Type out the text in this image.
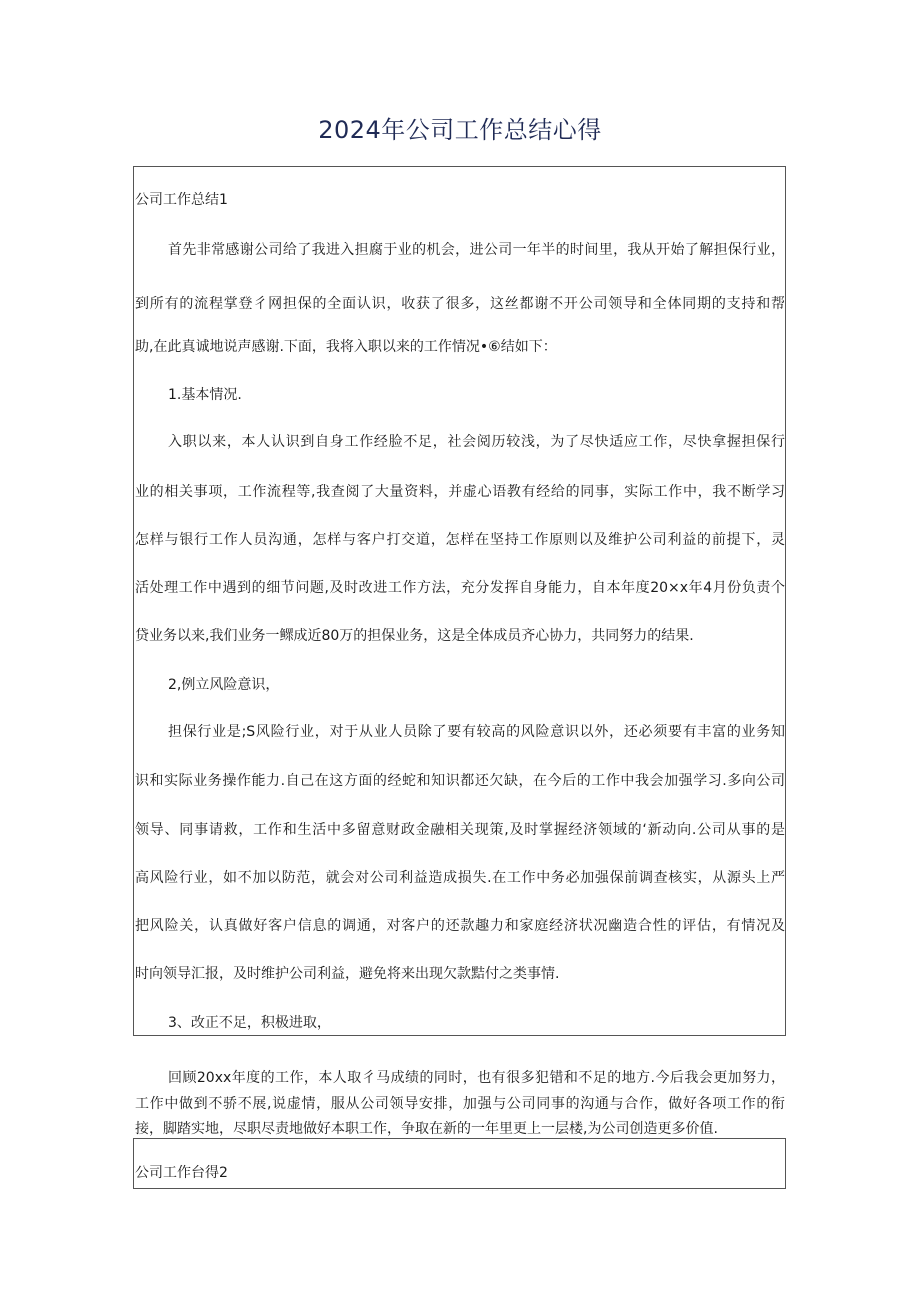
2024年公司工作总结心得
公司工作总结1
首先非常感谢公司给了我进入担腐于业的机会，进公司一年半的时间里，我从开始了解担保行业，
到所有的流程掌登彳网担保的全面认识，收获了很多，这丝都谢不开公司领导和全体同期的支持和帮
助,在此真诚地说声感谢.下面，我将入职以来的工作情况•⑥结如下：
1.基本情况.
入职以来，本人认识到自身工作经脸不足，社会阅历较浅，为了尽快适应工作，尽快拿握担保行
业的相关事项，工作流程等,我查阅了大量资料，并虚心语教有经给的同事，实际工作中，我不断学习
怎样与银行工作人员沟通，怎样与客户打交道，怎样在坚持工作原则以及维护公司利益的前提下，灵
活处理工作中遇到的细节问题,及时改进工作方法，充分发挥自身能力，自本年度20×x年4月份负责个
贷业务以来,我们业务一鳏成近80万的担保业务，这是全体成员齐心协力，共同努力的结果.
2,例立风险意识，
担保行业是;S风险行业，对于从业人员除了要有较高的风险意识以外，还必须要有丰富的业务知
识和实际业务操作能力.自己在这方面的经蛇和知识都还欠缺，在今后的工作中我会加强学习.多向公司
领导、同事请救，工作和生活中多留意财政金融相关现策,及时掌握经济领域的‘新动向.公司从事的是
高风险行业，如不加以防范，就会对公司利益造成损失.在工作中务必加强保前调查核实，从源头上严
把风险关，认真做好客户信息的调通，对客户的还款趣力和家庭经济状况幽造合性的评估，有情况及
时向领导汇报，及时维护公司利益，避免将来出现欠款黠付之类事情.
3、改正不足，积极进取，
回顾20xx年度的工作，本人取彳马成绩的同时，也有很多犯错和不足的地方.今后我会更加努力，
工作中做到不骄不展,说虚情，服从公司领导安排，加强与公司同事的沟通与合作，做好各项工作的衔
接，脚踏实地，尽职尽责地做好本职工作，争取在新的一年里更上一层楼,为公司创造更多价值.
公司工作台得2
